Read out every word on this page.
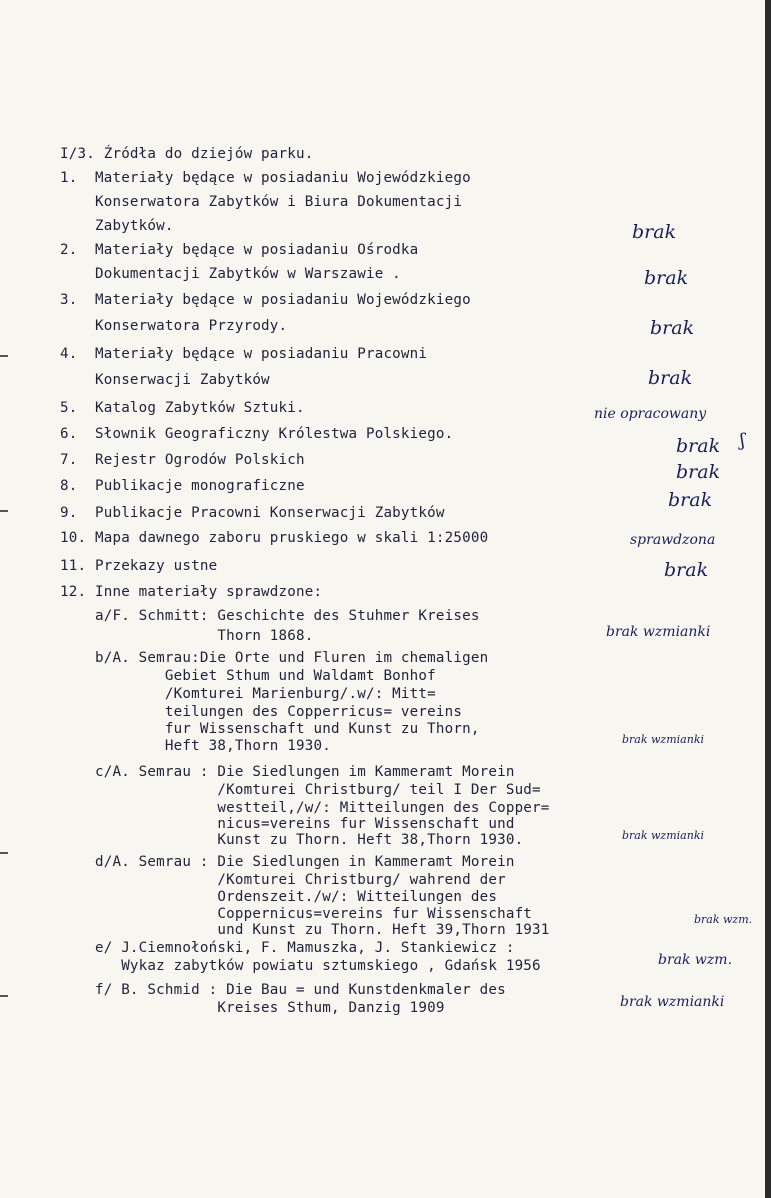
I/3. Źródła do dziejów parku.
1.  Materiały będące w posiadaniu Wojewódzkiego
Konserwatora Zabytków i Biura Dokumentacji
Zabytków.
2.  Materiały będące w posiadaniu Ośrodka
Dokumentacji Zabytków w Warszawie .
3.  Materiały będące w posiadaniu Wojewódzkiego
Konserwatora Przyrody.
4.  Materiały będące w posiadaniu Pracowni
Konserwacji Zabytków
5.  Katalog Zabytków Sztuki.
6.  Słownik Geograficzny Królestwa Polskiego.
7.  Rejestr Ogrodów Polskich
8.  Publikacje monograficzne
9.  Publikacje Pracowni Konserwacji Zabytków
10. Mapa dawnego zaboru pruskiego w skali 1:25000
11. Przekazy ustne
12. Inne materiały sprawdzone:
a/F. Schmitt: Geschichte des Stuhmer Kreises
Thorn 1868.
b/A. Semrau:Die Orte und Fluren im chemaligen
Gebiet Sthum und Waldamt Bonhof
/Komturei Marienburg/.w/: Mitt=
teilungen des Copperricus= vereins
fur Wissenschaft und Kunst zu Thorn,
Heft 38,Thorn 1930.
c/A. Semrau : Die Siedlungen im Kammeramt Morein
/Komturei Christburg/ teil I Der Sud=
westteil,/w/: Mitteilungen des Copper=
nicus=vereins fur Wissenschaft und
Kunst zu Thorn. Heft 38,Thorn 1930.
d/A. Semrau : Die Siedlungen in Kammeramt Morein
/Komturei Christburg/ wahrend der
Ordenszeit./w/: Witteilungen des
Coppernicus=vereins fur Wissenschaft
und Kunst zu Thorn. Heft 39,Thorn 1931
e/ J.Ciemnołoński, F. Mamuszka, J. Stankiewicz :
Wykaz zabytków powiatu sztumskiego , Gdańsk 1956
f/ B. Schmid : Die Bau = und Kunstdenkmaler des
Kreises Sthum, Danzig 1909
brak
brak
brak
brak
nie opracowany
brak ʃ
brak
brak
sprawdzona
brak
brak wzmianki
brak wzmianki
brak wzmianki
brak wzm.
brak wzm.
brak wzmianki
